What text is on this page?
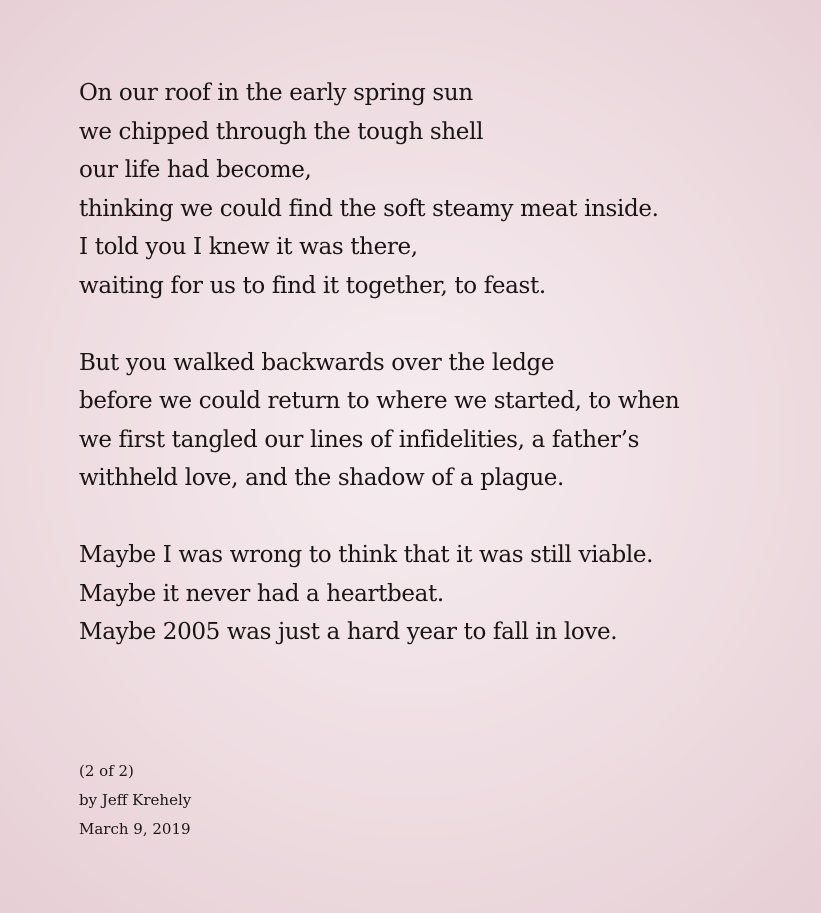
On our roof in the early spring sun
we chipped through the tough shell
our life had become,
thinking we could find the soft steamy meat inside.
I told you I knew it was there,
waiting for us to find it together, to feast.
But you walked backwards over the ledge
before we could return to where we started, to when
we first tangled our lines of infidelities, a father’s
withheld love, and the shadow of a plague.
Maybe I was wrong to think that it was still viable.
Maybe it never had a heartbeat.
Maybe 2005 was just a hard year to fall in love.
(2 of 2)
by Jeff Krehely
March 9, 2019
